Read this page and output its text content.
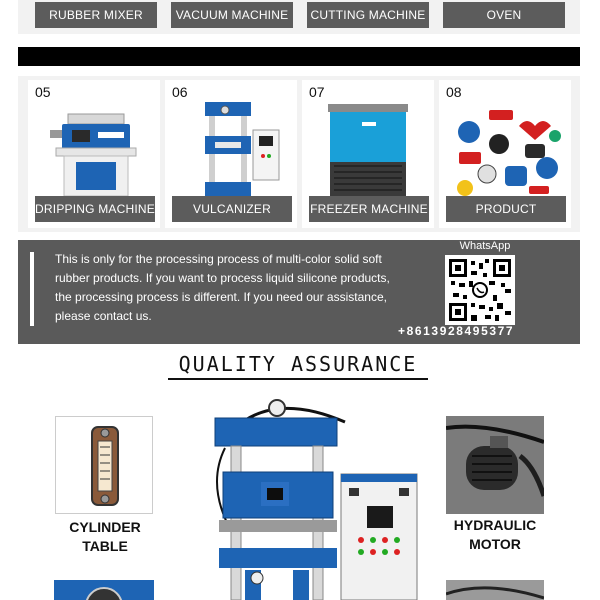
RUBBER MIXER	VACUUM MACHINE	CUTTING MACHINE	OVEN
05
DRIPPING MACHINE
06
VULCANIZER
07
FREEZER MACHINE
08
PRODUCT
This is only for the processing process of multi-color solid soft rubber products. If you want to process liquid silicone products, the processing process is different. If you need our assistance, please contact us.
WhatsApp
+8613928495377
QUALITY ASSURANCE
CYLINDER TABLE
HYDRAULIC MOTOR
